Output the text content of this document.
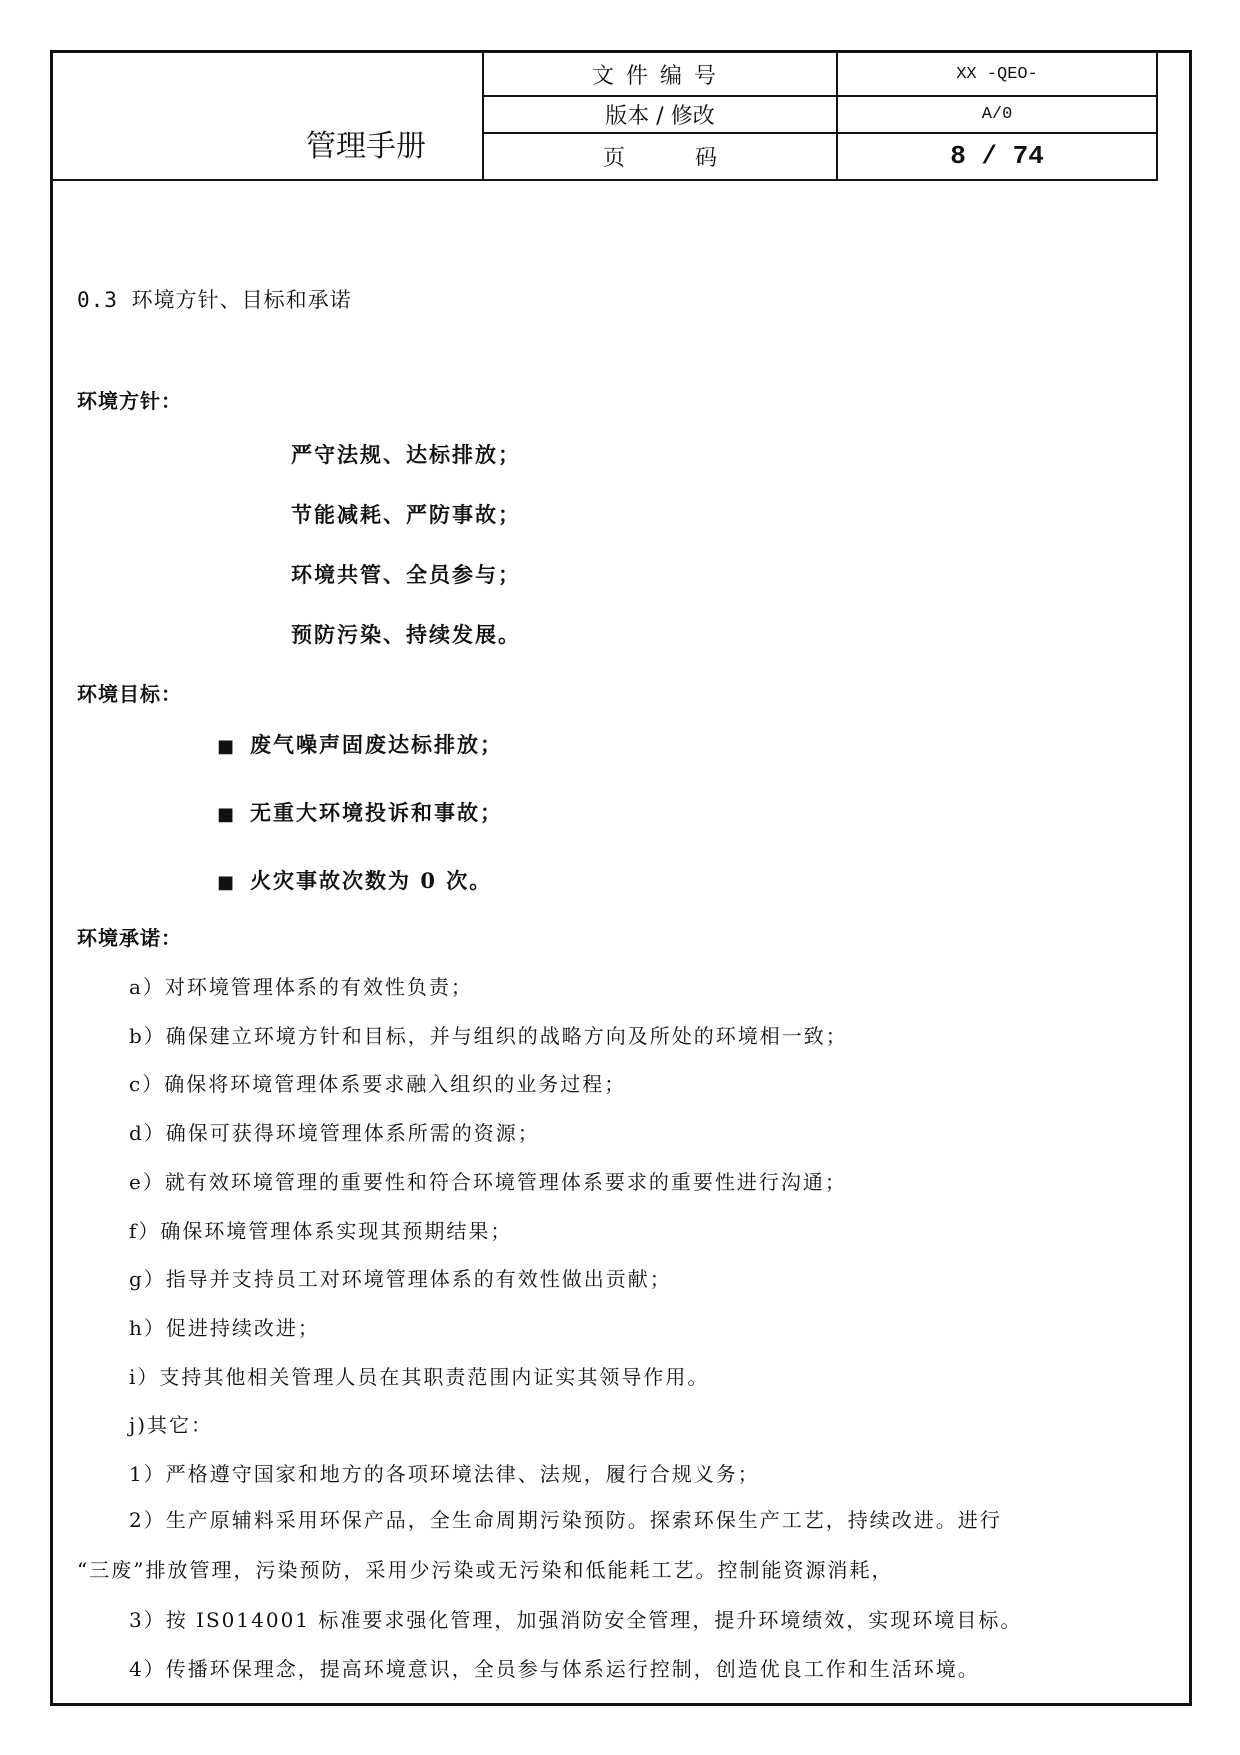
管理手册	文件编号	XX -QEO-
	版本 / 修改	A/0
	页码	8 / 74
0.3 环境方针、目标和承诺
环境方针：
严守法规、达标排放；
节能减耗、严防事故；
环境共管、全员参与；
预防污染、持续发展。
环境目标：
■ 废气噪声固废达标排放；
■ 无重大环境投诉和事故；
■ 火灾事故次数为 0 次。
环境承诺：
a）对环境管理体系的有效性负责；
b）确保建立环境方针和目标，并与组织的战略方向及所处的环境相一致；
c）确保将环境管理体系要求融入组织的业务过程；
d）确保可获得环境管理体系所需的资源；
e）就有效环境管理的重要性和符合环境管理体系要求的重要性进行沟通；
f）确保环境管理体系实现其预期结果；
g）指导并支持员工对环境管理体系的有效性做出贡献；
h）促进持续改进；
i）支持其他相关管理人员在其职责范围内证实其领导作用。
j)其它：
1）严格遵守国家和地方的各项环境法律、法规，履行合规义务；
2）生产原辅料采用环保产品，全生命周期污染预防。探索环保生产工艺，持续改进。进行
“三废”排放管理，污染预防，采用少污染或无污染和低能耗工艺。控制能资源消耗，
3）按 IS014001 标准要求强化管理，加强消防安全管理，提升环境绩效，实现环境目标。
4）传播环保理念，提高环境意识，全员参与体系运行控制，创造优良工作和生活环境。
